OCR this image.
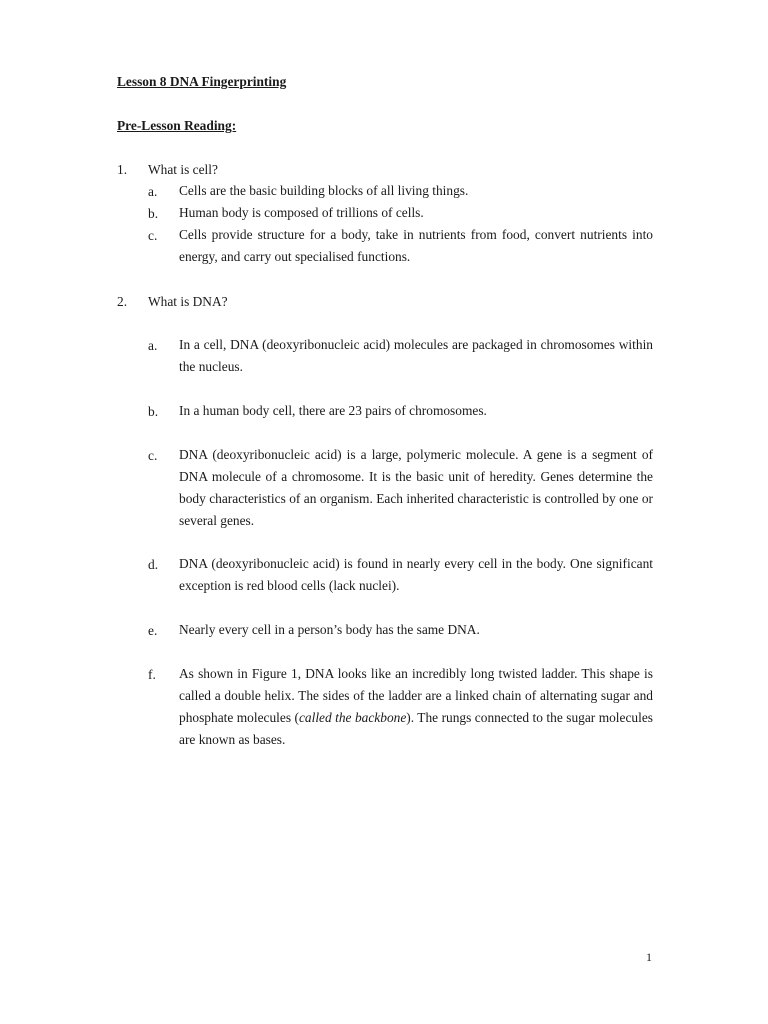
Lesson 8 DNA Fingerprinting
Pre-Lesson Reading:
1. What is cell?
a. Cells are the basic building blocks of all living things.
b. Human body is composed of trillions of cells.
c. Cells provide structure for a body, take in nutrients from food, convert nutrients into energy, and carry out specialised functions.
2. What is DNA?
a. In a cell, DNA (deoxyribonucleic acid) molecules are packaged in chromosomes within the nucleus.
b. In a human body cell, there are 23 pairs of chromosomes.
c. DNA (deoxyribonucleic acid) is a large, polymeric molecule. A gene is a segment of DNA molecule of a chromosome. It is the basic unit of heredity. Genes determine the body characteristics of an organism. Each inherited characteristic is controlled by one or several genes.
d. DNA (deoxyribonucleic acid) is found in nearly every cell in the body. One significant exception is red blood cells (lack nuclei).
e. Nearly every cell in a person’s body has the same DNA.
f. As shown in Figure 1, DNA looks like an incredibly long twisted ladder. This shape is called a double helix. The sides of the ladder are a linked chain of alternating sugar and phosphate molecules (called the backbone). The rungs connected to the sugar molecules are known as bases.
1
